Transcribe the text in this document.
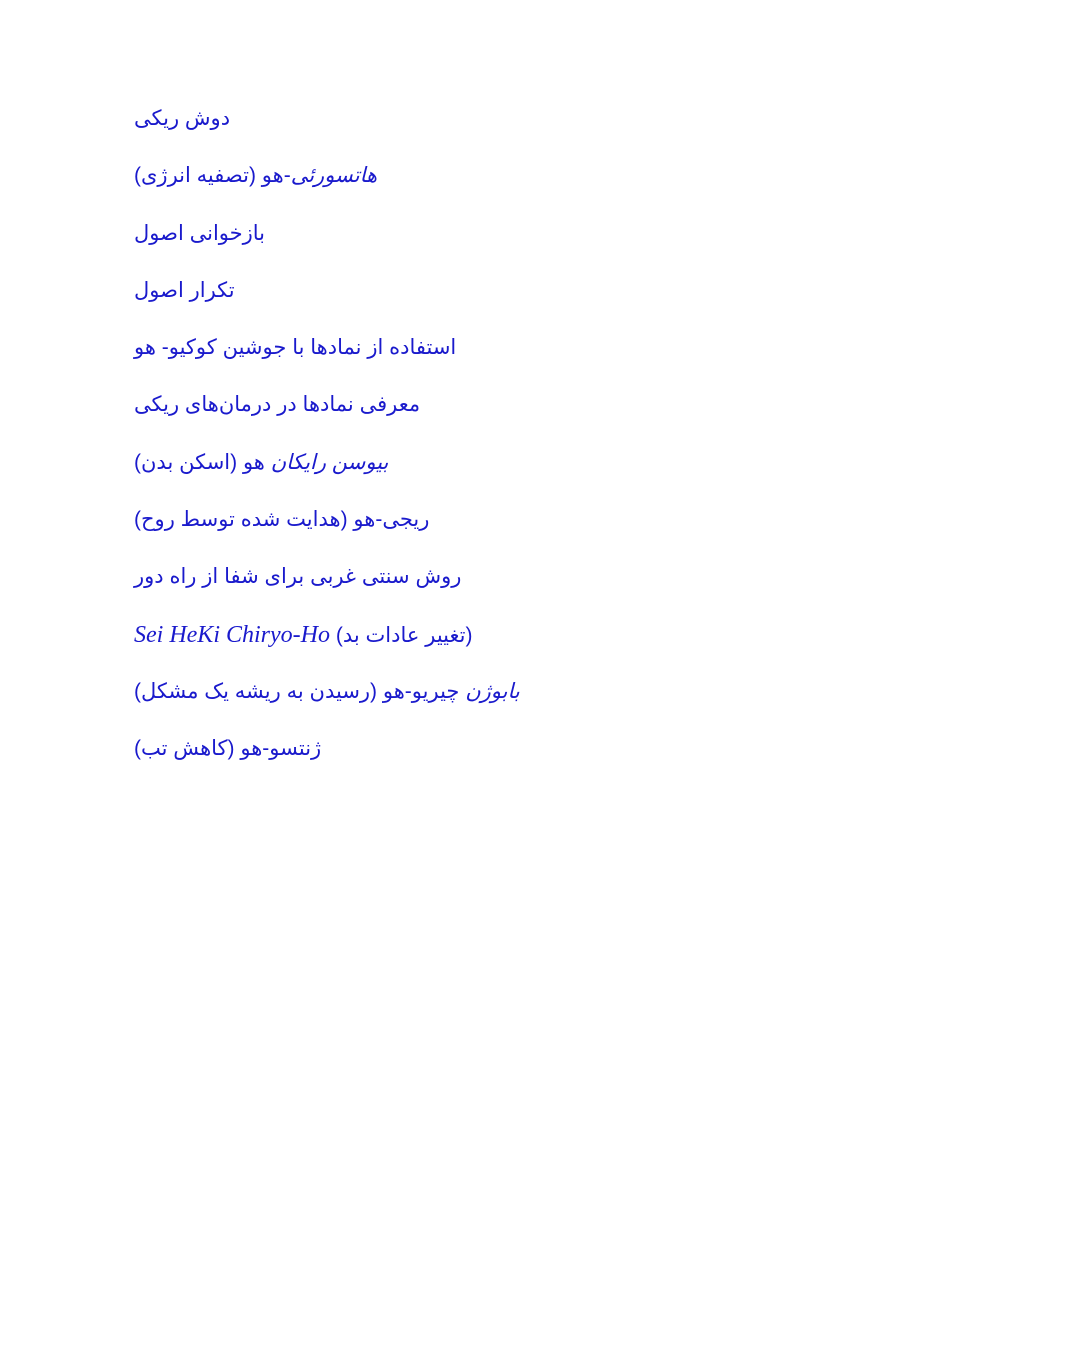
دوش ریکی
هاتسورئی-هو (تصفیه انرژی)
بازخوانی اصول
تکرار اصول
استفاده از نمادها با جوشین کوکیو- هو
معرفی نمادها در درمان‌های ریکی
بیوسن رایکان هو (اسکن بدن)
ریجی-هو (هدایت شده توسط روح)
روش سنتی غربی برای شفا از راه دور
Sei HeKi Chiryo-Ho (تغییر عادات بد)
بابوژن چیریو-هو (رسیدن به ریشه یک مشکل)
ژنتسو-هو (کاهش تب)
